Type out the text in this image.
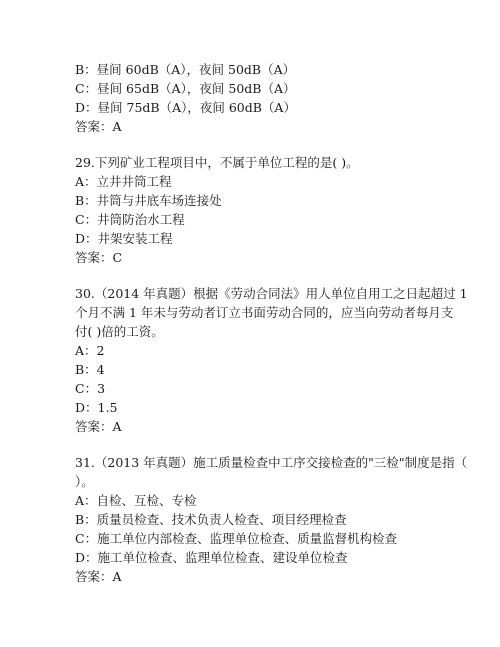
B：昼间 60dB（A），夜间 50dB（A）
C：昼间 65dB（A），夜间 50dB（A）
D：昼间 75dB（A），夜间 60dB（A）
答案：A
29.下列矿业工程项目中，不属于单位工程的是( )。
A：立井井筒工程
B：井筒与井底车场连接处
C：井筒防治水工程
D：井架安装工程
答案：C
30.（2014 年真题）根据《劳动合同法》用人单位自用工之日起超过 1
个月不满 1 年未与劳动者订立书面劳动合同的，应当向劳动者每月支
付( )倍的工资。
A：2
B：4
C：3
D：1.5
答案：A
31.（2013 年真题）施工质量检查中工序交接检查的"三检"制度是指（
）。
A：自检、互检、专检
B：质量员检查、技术负责人检查、项目经理检查
C：施工单位内部检查、监理单位检查、质量监督机构检查
D：施工单位检查、监理单位检查、建设单位检查
答案：A
